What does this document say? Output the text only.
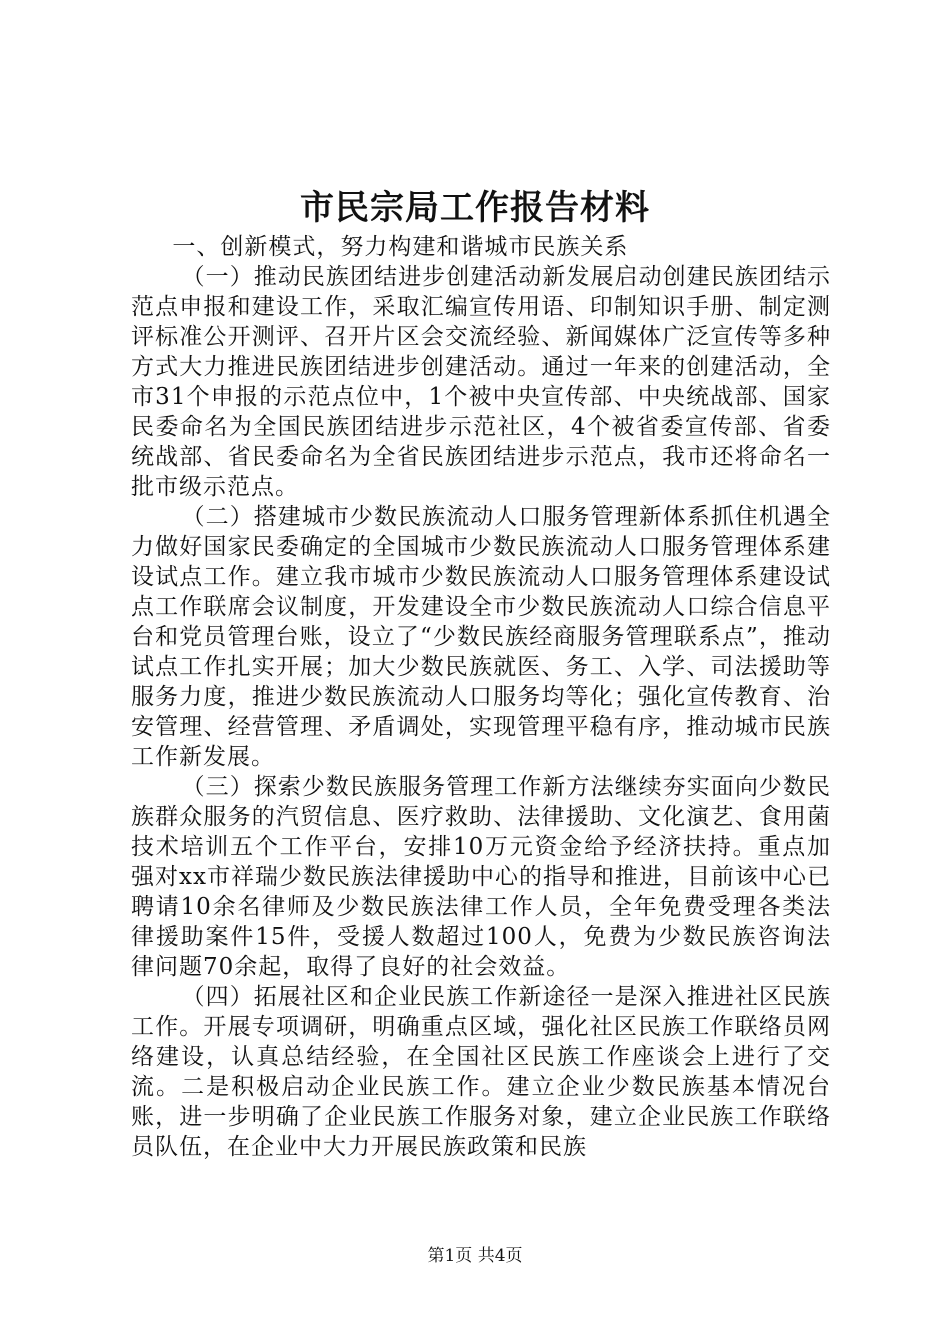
市民宗局工作报告材料

一、创新模式，努力构建和谐城市民族关系

（一）推动民族团结进步创建活动新发展启动创建民族团结示范点申报和建设工作，采取汇编宣传用语、印制知识手册、制定测评标准公开测评、召开片区会交流经验、新闻媒体广泛宣传等多种方式大力推进民族团结进步创建活动。通过一年来的创建活动，全市31个申报的示范点位中，1个被中央宣传部、中央统战部、国家民委命名为全国民族团结进步示范社区，4个被省委宣传部、省委统战部、省民委命名为全省民族团结进步示范点，我市还将命名一批市级示范点。

（二）搭建城市少数民族流动人口服务管理新体系抓住机遇全力做好国家民委确定的全国城市少数民族流动人口服务管理体系建设试点工作。建立我市城市少数民族流动人口服务管理体系建设试点工作联席会议制度，开发建设全市少数民族流动人口综合信息平台和党员管理台账，设立了“少数民族经商服务管理联系点”，推动试点工作扎实开展；加大少数民族就医、务工、入学、司法援助等服务力度，推进少数民族流动人口服务均等化；强化宣传教育、治安管理、经营管理、矛盾调处，实现管理平稳有序，推动城市民族工作新发展。

（三）探索少数民族服务管理工作新方法继续夯实面向少数民族群众服务的汽贸信息、医疗救助、法律援助、文化演艺、食用菌技术培训五个工作平台，安排10万元资金给予经济扶持。重点加强对xx市祥瑞少数民族法律援助中心的指导和推进，目前该中心已聘请10余名律师及少数民族法律工作人员，全年免费受理各类法律援助案件15件，受援人数超过100人，免费为少数民族咨询法律问题70余起，取得了良好的社会效益。

（四）拓展社区和企业民族工作新途径一是深入推进社区民族工作。开展专项调研，明确重点区域，强化社区民族工作联络员网络建设，认真总结经验，在全国社区民族工作座谈会上进行了交流。二是积极启动企业民族工作。建立企业少数民族基本情况台账，进一步明确了企业民族工作服务对象，建立企业民族工作联络员队伍，在企业中大力开展民族政策和民族

第1页 共4页
